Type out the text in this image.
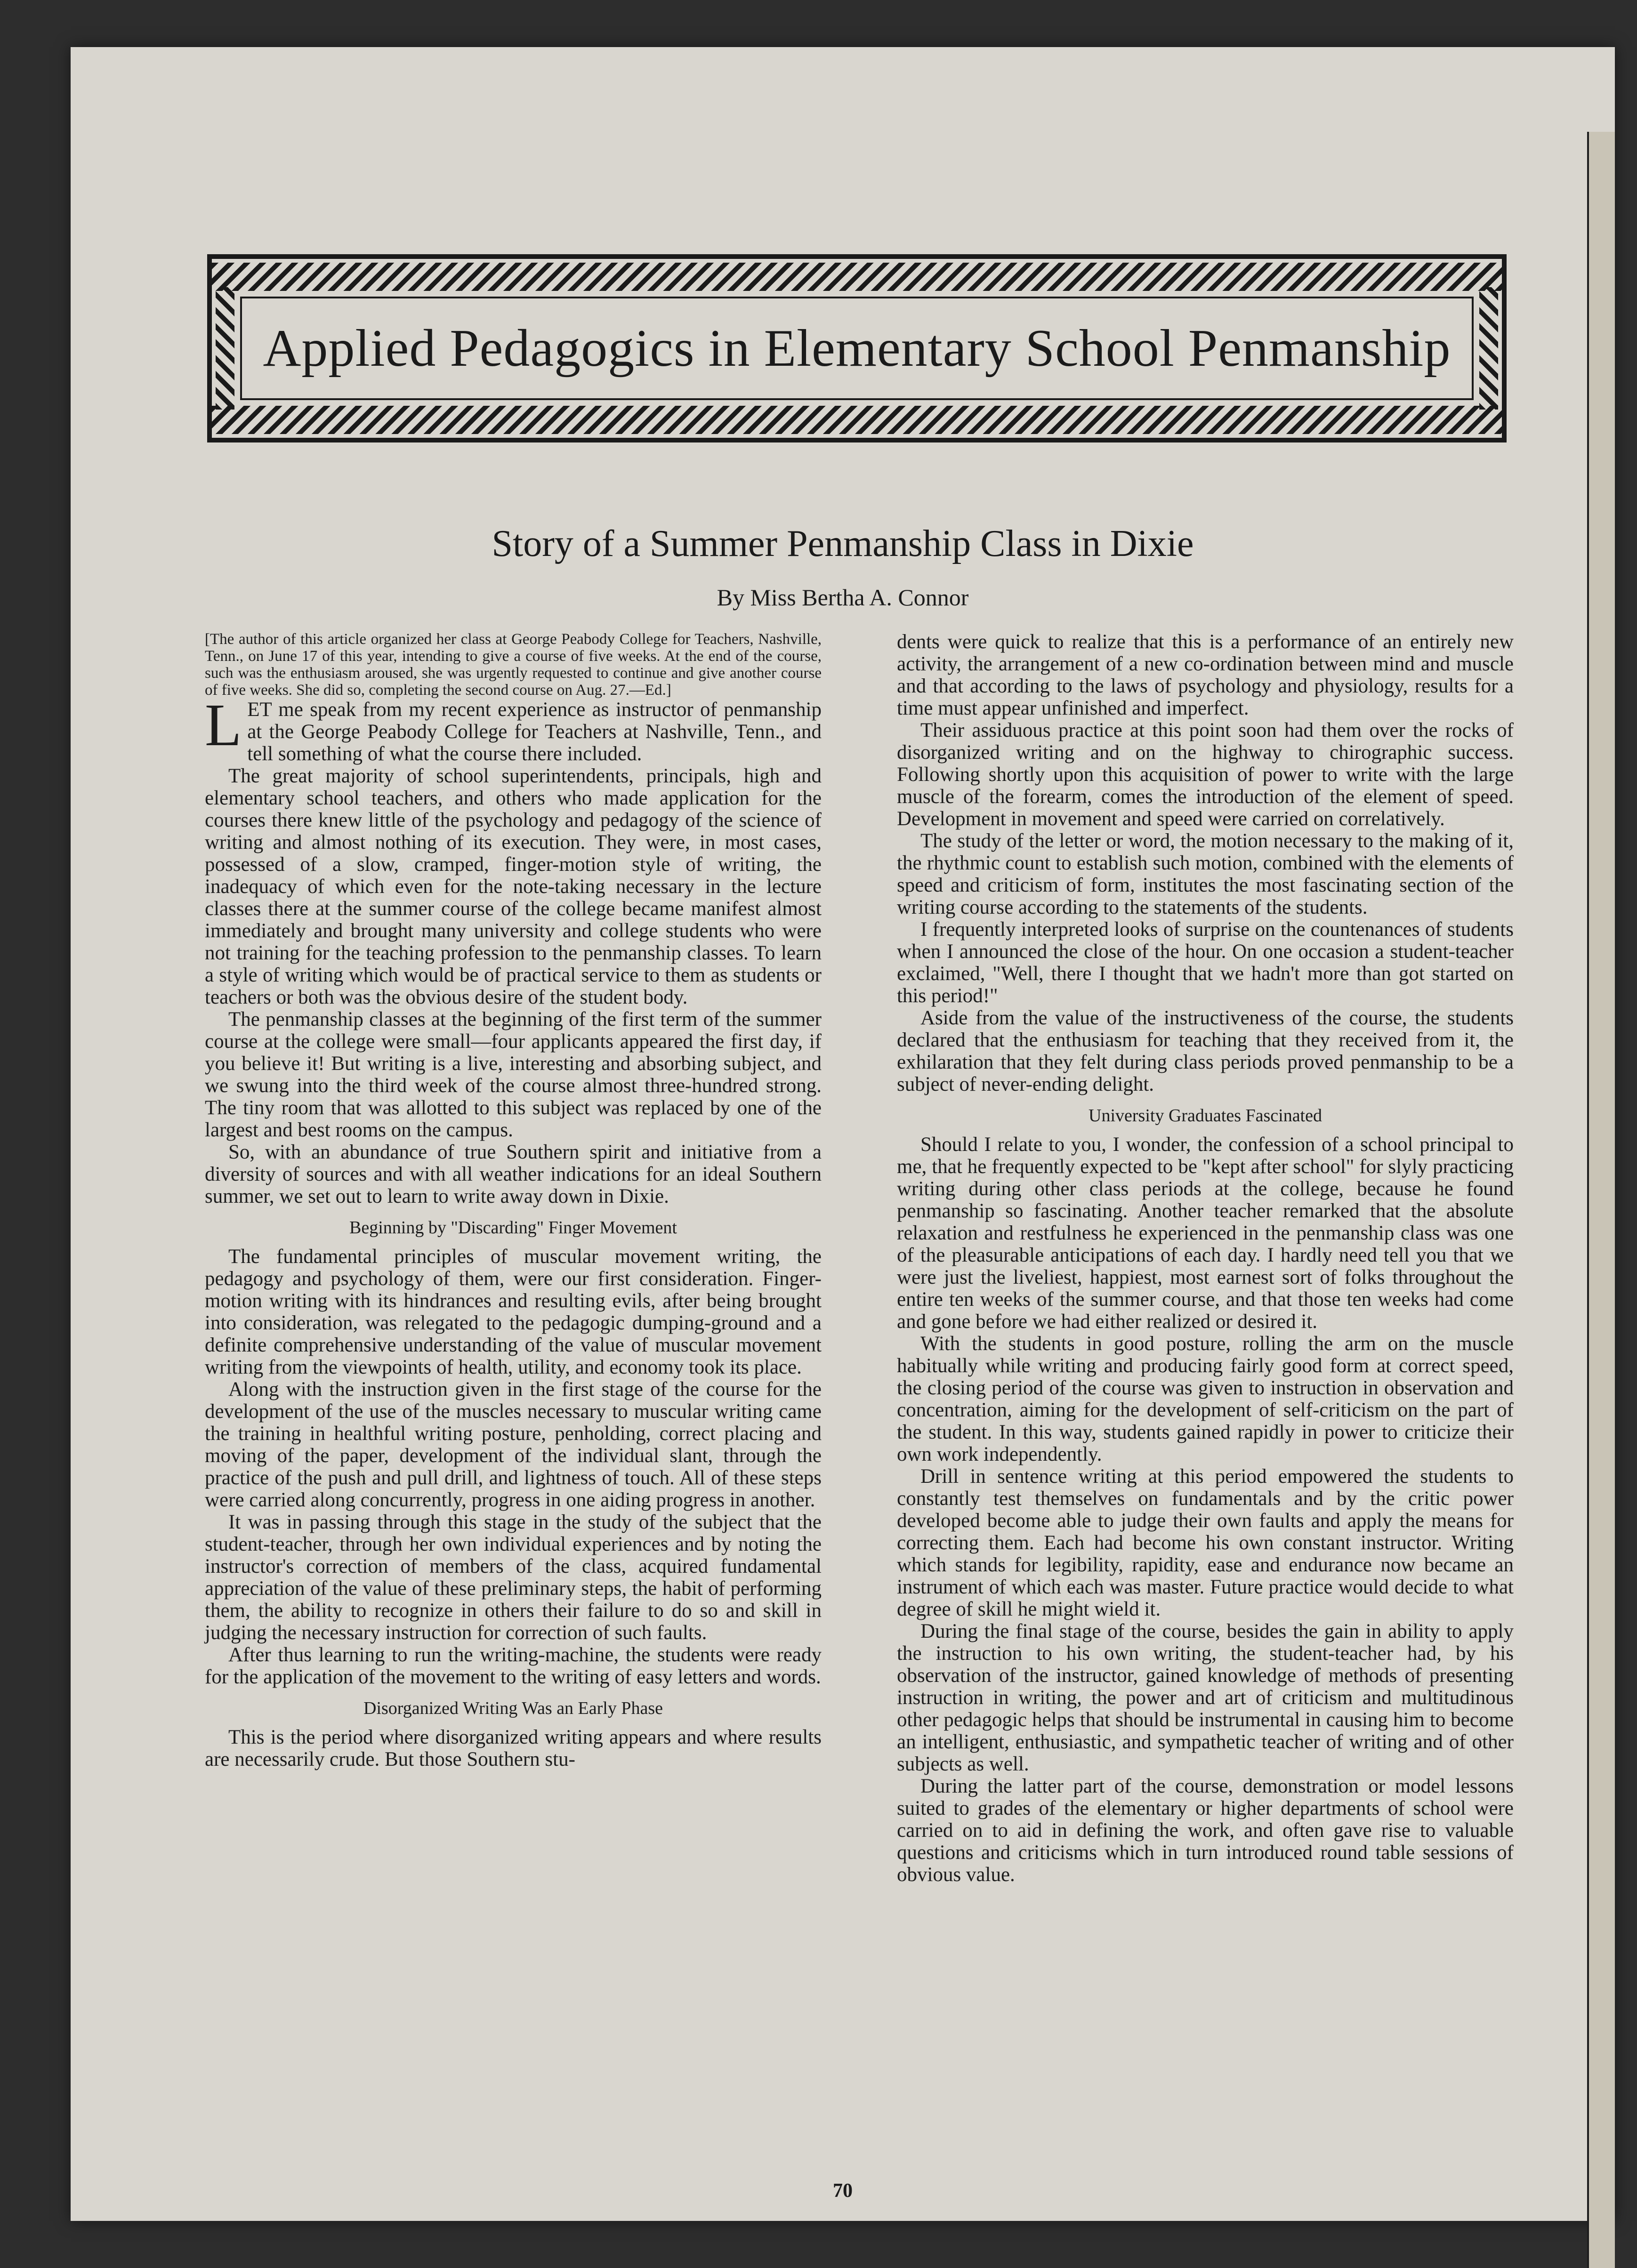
Applied Pedagogics in Elementary School Penmanship
Story of a Summer Penmanship Class in Dixie
By Miss Bertha A. Connor

[The author of this article organized her class at George Peabody College for Teachers, Nashville, Tenn., on June 17 of this year, intending to give a course of five weeks. At the end of the course, such was the enthusiasm aroused, she was urgently requested to continue and give another course of five weeks. She did so, completing the second course on Aug. 27.—Ed.]

LET me speak from my recent experience as instructor of penmanship at the George Peabody College for Teachers at Nashville, Tenn., and tell something of what the course there included.

The great majority of school superintendents, principals, high and elementary school teachers, and others who made application for the courses there knew little of the psychology and pedagogy of the science of writing and almost nothing of its execution. They were, in most cases, possessed of a slow, cramped, finger-motion style of writing, the inadequacy of which even for the note-taking necessary in the lecture classes there at the summer course of the college became manifest almost immediately and brought many university and college students who were not training for the teaching profession to the penmanship classes. To learn a style of writing which would be of practical service to them as students or teachers or both was the obvious desire of the student body.

The penmanship classes at the beginning of the first term of the summer course at the college were small—four applicants appeared the first day, if you believe it! But writing is a live, interesting and absorbing subject, and we swung into the third week of the course almost three-hundred strong. The tiny room that was allotted to this subject was replaced by one of the largest and best rooms on the campus.

So, with an abundance of true Southern spirit and initiative from a diversity of sources and with all weather indications for an ideal Southern summer, we set out to learn to write away down in Dixie.

Beginning by "Discarding" Finger Movement

The fundamental principles of muscular movement writing, the pedagogy and psychology of them, were our first consideration. Finger-motion writing with its hindrances and resulting evils, after being brought into consideration, was relegated to the pedagogic dumping-ground and a definite comprehensive understanding of the value of muscular movement writing from the viewpoints of health, utility, and economy took its place.

Along with the instruction given in the first stage of the course for the development of the use of the muscles necessary to muscular writing came the training in healthful writing posture, penholding, correct placing and moving of the paper, development of the individual slant, through the practice of the push and pull drill, and lightness of touch. All of these steps were carried along concurrently, progress in one aiding progress in another.

It was in passing through this stage in the study of the subject that the student-teacher, through her own individual experiences and by noting the instructor's correction of members of the class, acquired fundamental appreciation of the value of these preliminary steps, the habit of performing them, the ability to recognize in others their failure to do so and skill in judging the necessary instruction for correction of such faults.

After thus learning to run the writing-machine, the students were ready for the application of the movement to the writing of easy letters and words.

Disorganized Writing Was an Early Phase

This is the period where disorganized writing appears and where results are necessarily crude. But those Southern stu-

dents were quick to realize that this is a performance of an entirely new activity, the arrangement of a new co-ordination between mind and muscle and that according to the laws of psychology and physiology, results for a time must appear unfinished and imperfect.

Their assiduous practice at this point soon had them over the rocks of disorganized writing and on the highway to chirographic success. Following shortly upon this acquisition of power to write with the large muscle of the forearm, comes the introduction of the element of speed. Development in movement and speed were carried on correlatively.

The study of the letter or word, the motion necessary to the making of it, the rhythmic count to establish such motion, combined with the elements of speed and criticism of form, institutes the most fascinating section of the writing course according to the statements of the students.

I frequently interpreted looks of surprise on the countenances of students when I announced the close of the hour. On one occasion a student-teacher exclaimed, "Well, there I thought that we hadn't more than got started on this period!"

Aside from the value of the instructiveness of the course, the students declared that the enthusiasm for teaching that they received from it, the exhilaration that they felt during class periods proved penmanship to be a subject of never-ending delight.

University Graduates Fascinated

Should I relate to you, I wonder, the confession of a school principal to me, that he frequently expected to be "kept after school" for slyly practicing writing during other class periods at the college, because he found penmanship so fascinating. Another teacher remarked that the absolute relaxation and restfulness he experienced in the penmanship class was one of the pleasurable anticipations of each day. I hardly need tell you that we were just the liveliest, happiest, most earnest sort of folks throughout the entire ten weeks of the summer course, and that those ten weeks had come and gone before we had either realized or desired it.

With the students in good posture, rolling the arm on the muscle habitually while writing and producing fairly good form at correct speed, the closing period of the course was given to instruction in observation and concentration, aiming for the development of self-criticism on the part of the student. In this way, students gained rapidly in power to criticize their own work independently.

Drill in sentence writing at this period empowered the students to constantly test themselves on fundamentals and by the critic power developed become able to judge their own faults and apply the means for correcting them. Each had become his own constant instructor. Writing which stands for legibility, rapidity, ease and endurance now became an instrument of which each was master. Future practice would decide to what degree of skill he might wield it.

During the final stage of the course, besides the gain in ability to apply the instruction to his own writing, the student-teacher had, by his observation of the instructor, gained knowledge of methods of presenting instruction in writing, the power and art of criticism and multitudinous other pedagogic helps that should be instrumental in causing him to become an intelligent, enthusiastic, and sympathetic teacher of writing and of other subjects as well.

During the latter part of the course, demonstration or model lessons suited to grades of the elementary or higher departments of school were carried on to aid in defining the work, and often gave rise to valuable questions and criticisms which in turn introduced round table sessions of obvious value.

70
